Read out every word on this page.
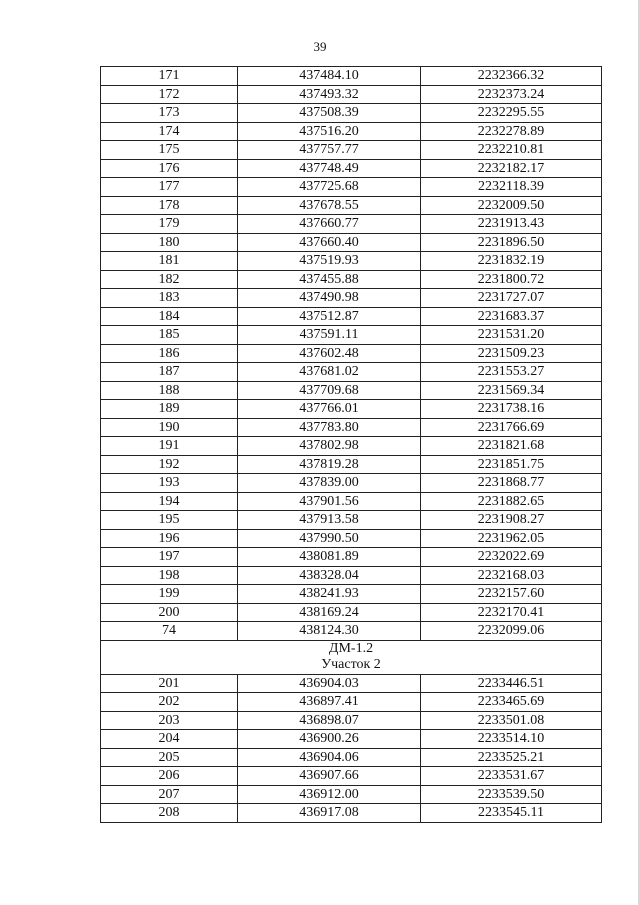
39
171	437484.10	2232366.32
172	437493.32	2232373.24
173	437508.39	2232295.55
174	437516.20	2232278.89
175	437757.77	2232210.81
176	437748.49	2232182.17
177	437725.68	2232118.39
178	437678.55	2232009.50
179	437660.77	2231913.43
180	437660.40	2231896.50
181	437519.93	2231832.19
182	437455.88	2231800.72
183	437490.98	2231727.07
184	437512.87	2231683.37
185	437591.11	2231531.20
186	437602.48	2231509.23
187	437681.02	2231553.27
188	437709.68	2231569.34
189	437766.01	2231738.16
190	437783.80	2231766.69
191	437802.98	2231821.68
192	437819.28	2231851.75
193	437839.00	2231868.77
194	437901.56	2231882.65
195	437913.58	2231908.27
196	437990.50	2231962.05
197	438081.89	2232022.69
198	438328.04	2232168.03
199	438241.93	2232157.60
200	438169.24	2232170.41
74	438124.30	2232099.06

ДМ-1.2
Участок 2		

201	436904.03	2233446.51
202	436897.41	2233465.69
203	436898.07	2233501.08
204	436900.26	2233514.10
205	436904.06	2233525.21
206	436907.66	2233531.67
207	436912.00	2233539.50
208	436917.08	2233545.11
